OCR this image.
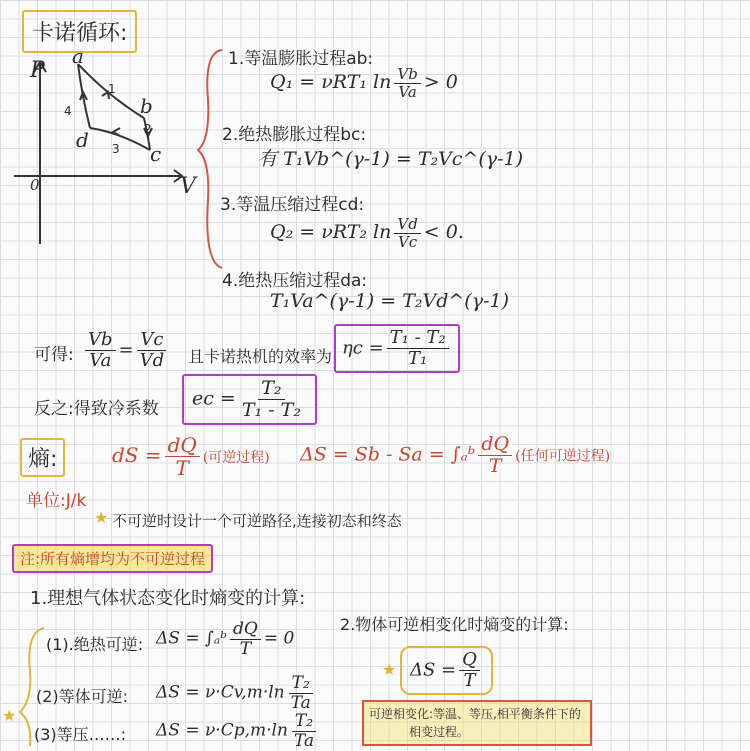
卡诺循环:
P
V
0
a
b
c
d
1
2
3
4
1.等温膨胀过程ab:
Q₁ = νRT₁ $\ln \frac{Vb}{Va} > 0$
2.绝热膨胀过程bc:
有 T₁Vb^(γ-1) = T₂Vc^(γ-1)
3.等温压缩过程cd:
Q₂ = νRT₂ $\ln \frac{Vd}{Vc} < 0$.
4.绝热压缩过程da:
T₁Va^(γ-1) = T₂Vd^(γ-1)
可得: $\frac{Vb}{Va} = \frac{Vc}{Vd}$ 且卡诺热机的效率为 $\eta c = \frac{\text{T₁ - T₂}}{\text{T₁}}$
反之:得致冷系数	ec = $\frac{\text{T₂}}{\text{T₁ - T₂}}$
熵:	dS = $\frac{dQ}{T}$ (可逆过程) ΔS = Sb - Sa = ∫ₐᵇ $\frac{dQ}{T}$ (任何可逆过程)
单位:J/k
★ 不可逆时设计一个可逆路径,连接初态和终态
注:所有熵增均为不可逆过程
1.理想气体状态变化时熵变的计算:
(1).绝热可逆: ΔS = ∫ₐᵇ $\frac{dQ}{T} = 0$
(2)等体可逆: $\Delta S = \nu\cdot Cv,m\cdot\ln \frac{\text{T₂}}{Ta}$
★
(3)等压……: $\Delta S = \nu\cdot Cp,m\cdot\ln \frac{\text{T₂}}{Ta}$
2.物体可逆相变化时熵变的计算:
★ $\Delta S = \frac{Q}{T}$
可逆相变化:等温、等压,相平衡条件下的
相变过程。
